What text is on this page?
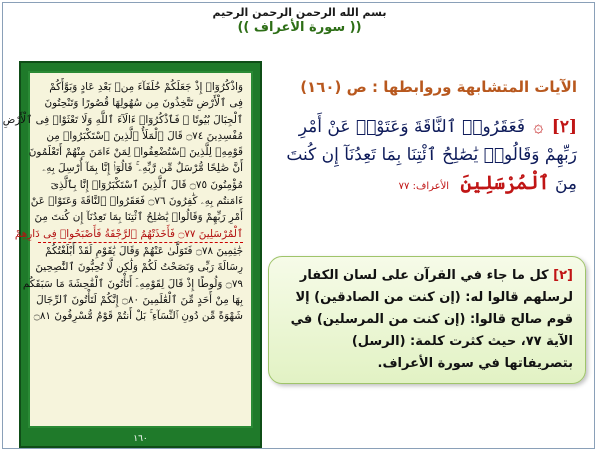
بسم الله الرحمن الرحمن الرحيم
(( سورة الأعراف ))
وَاذْكُرُوٓا۟ إِذْ جَعَلَكُمْ خُلَفَآءَ مِنۢ بَعْدِ عَادٍ وَبَوَّأَكُمْ
فِى ٱلْأَرْضِ تَتَّخِذُونَ مِن سُهُولِهَا قُصُورًا وَتَنْحِتُونَ
ٱلْجِبَالَ بُيُوتًا ۖ فَٱذْكُرُوٓا۟ ءَالَآءَ ٱللَّهِ وَلَا تَعْثَوْا۟ فِى ٱلْأَرْضِ
مُفْسِدِينَ ۝٧٤ قَالَ ٱلْمَلَأُ ٱلَّذِينَ ٱسْتَكْبَرُوا۟ مِن
قَوْمِهِۦ لِلَّذِينَ ٱسْتُضْعِفُوا۟ لِمَنْ ءَامَنَ مِنْهُمْ أَتَعْلَمُونَ
أَنَّ صَٰلِحًا مُّرْسَلٌ مِّن رَّبِّهِۦ ۚ قَالُوٓا۟ إِنَّا بِمَآ أُرْسِلَ بِهِۦ
مُؤْمِنُونَ ۝٧٥ قَالَ ٱلَّذِينَ ٱسْتَكْبَرُوٓا۟ إِنَّا بِٱلَّذِىٓ
ءَامَنتُم بِهِۦ كَٰفِرُونَ ۝٧٦ فَعَقَرُوا۟ ٱلنَّاقَةَ وَعَتَوْا۟ عَنْ
أَمْرِ رَبِّهِمْ وَقَالُوا۟ يَٰصَٰلِحُ ٱئْتِنَا بِمَا تَعِدُنَآ إِن كُنتَ مِنَ
ٱلْمُرْسَلِينَ ۝٧٧ فَأَخَذَتْهُمُ ٱلرَّجْفَةُ فَأَصْبَحُوا۟ فِى دَارِهِمْ
جَٰثِمِينَ ۝٧٨ فَتَوَلَّىٰ عَنْهُمْ وَقَالَ يَٰقَوْمِ لَقَدْ أَبْلَغْتُكُمْ
رِسَالَةَ رَبِّى وَنَصَحْتُ لَكُمْ وَلَٰكِن لَّا تُحِبُّونَ ٱلنَّٰصِحِينَ
۝٧٩ وَلُوطًا إِذْ قَالَ لِقَوْمِهِۦٓ أَتَأْتُونَ ٱلْفَٰحِشَةَ مَا سَبَقَكُم
بِهَا مِنْ أَحَدٍ مِّنَ ٱلْعَٰلَمِينَ ۝٨٠ إِنَّكُمْ لَتَأْتُونَ ٱلرِّجَالَ
شَهْوَةً مِّن دُونِ ٱلنِّسَآءِ ۚ بَلْ أَنتُمْ قَوْمٌ مُّسْرِفُونَ ۝٨١
١٦٠
الآيات المتشابهة وروابطها : ص (١٦٠)
[٢] ۞ فَعَقَرُوا۟ ٱلنَّاقَةَ وَعَتَوْا۟ عَنْ أَمْرِ رَبِّهِمْ وَقَالُوا۟ يَٰصَٰلِحُ ٱئْتِنَا بِمَا تَعِدُنَآ إِن كُنتَ مِنَ ٱلْمُرْسَلِينَ الأعراف: ٧٧
[٢] كل ما جاء في القرآن على لسان الكفار لرسلهم قالوا له: (إن كنت من الصادقين) إلا قوم صالح قالوا: (إن كنت من المرسلين) في الآية ٧٧، حيث كثرت كلمة: (الرسل) بتصريفاتها في سورة الأعراف.
